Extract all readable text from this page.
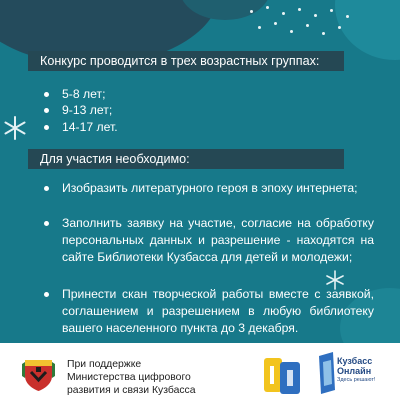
Конкурс проводится в трех возрастных группах:
5-8 лет;
9-13 лет;
14-17 лет.
Для участия необходимо:
Изобразить литературного героя в эпоху интернета;
Заполнить заявку на участие, согласие на обработку персональных данных и разрешение - находятся на сайте Библиотеки Кузбасса для детей и молодежи;
Принести скан творческой работы вместе с заявкой, соглашением и разрешением в любую библиотеку вашего населенного пункта до 3 декабря.
При поддержке Министерства цифрового развития и связи Кузбасса
Кузбасс
Онлайн
Здесь решают!
